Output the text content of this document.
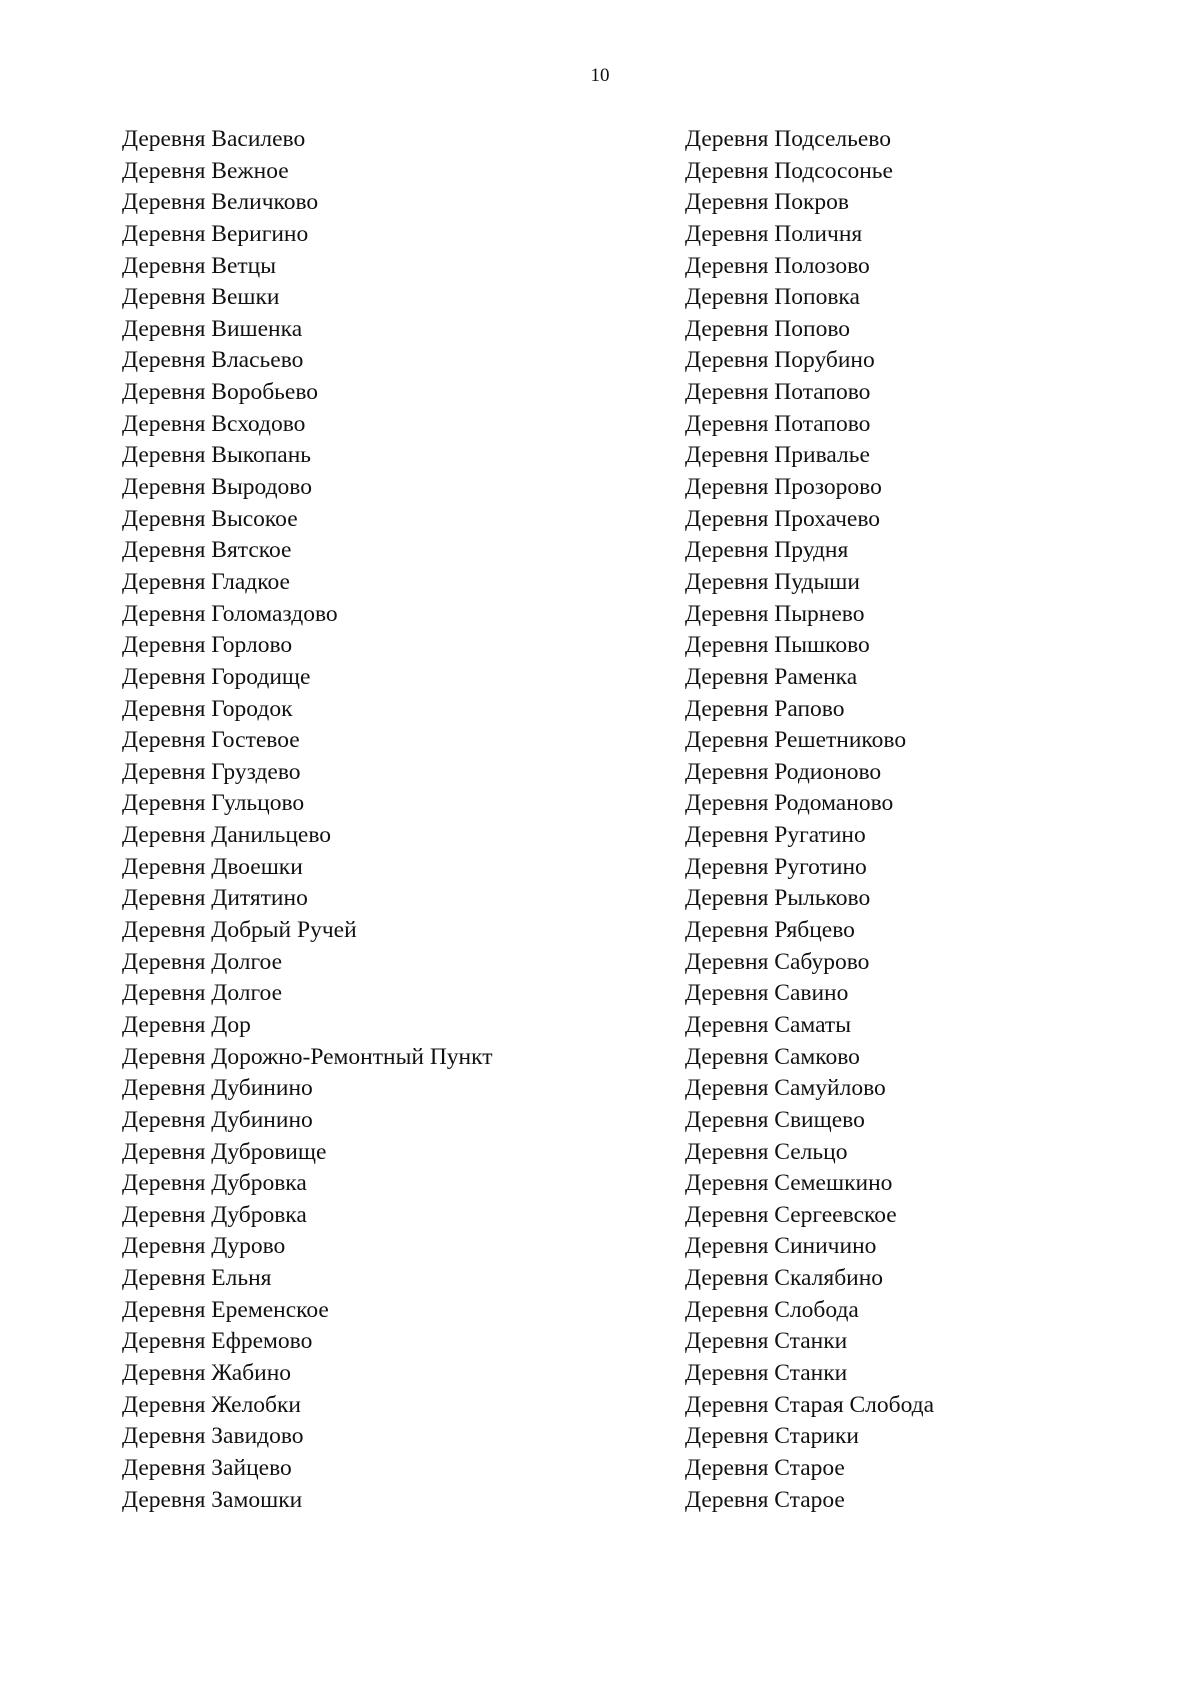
10
Деревня Василево
Деревня Вежное
Деревня Величково
Деревня Веригино
Деревня Ветцы
Деревня Вешки
Деревня Вишенка
Деревня Власьево
Деревня Воробьево
Деревня Всходово
Деревня Выкопань
Деревня Выродово
Деревня Высокое
Деревня Вятское
Деревня Гладкое
Деревня Голомаздово
Деревня Горлово
Деревня Городище
Деревня Городок
Деревня Гостевое
Деревня Груздево
Деревня Гульцово
Деревня Данильцево
Деревня Двоешки
Деревня Дитятино
Деревня Добрый Ручей
Деревня Долгое
Деревня Долгое
Деревня Дор
Деревня Дорожно-Ремонтный Пункт
Деревня Дубинино
Деревня Дубинино
Деревня Дубровище
Деревня Дубровка
Деревня Дубровка
Деревня Дурово
Деревня Ельня
Деревня Еременское
Деревня Ефремово
Деревня Жабино
Деревня Желобки
Деревня Завидово
Деревня Зайцево
Деревня Замошки
Деревня Подсельево
Деревня Подсосонье
Деревня Покров
Деревня Поличня
Деревня Полозово
Деревня Поповка
Деревня Попово
Деревня Порубино
Деревня Потапово
Деревня Потапово
Деревня Привалье
Деревня Прозорово
Деревня Прохачево
Деревня Прудня
Деревня Пудыши
Деревня Пырнево
Деревня Пышково
Деревня Раменка
Деревня Рапово
Деревня Решетниково
Деревня Родионово
Деревня Родоманово
Деревня Ругатино
Деревня Руготино
Деревня Рыльково
Деревня Рябцево
Деревня Сабурово
Деревня Савино
Деревня Саматы
Деревня Самково
Деревня Самуйлово
Деревня Свищево
Деревня Сельцо
Деревня Семешкино
Деревня Сергеевское
Деревня Синичино
Деревня Скалябино
Деревня Слобода
Деревня Станки
Деревня Станки
Деревня Старая Слобода
Деревня Старики
Деревня Старое
Деревня Старое
